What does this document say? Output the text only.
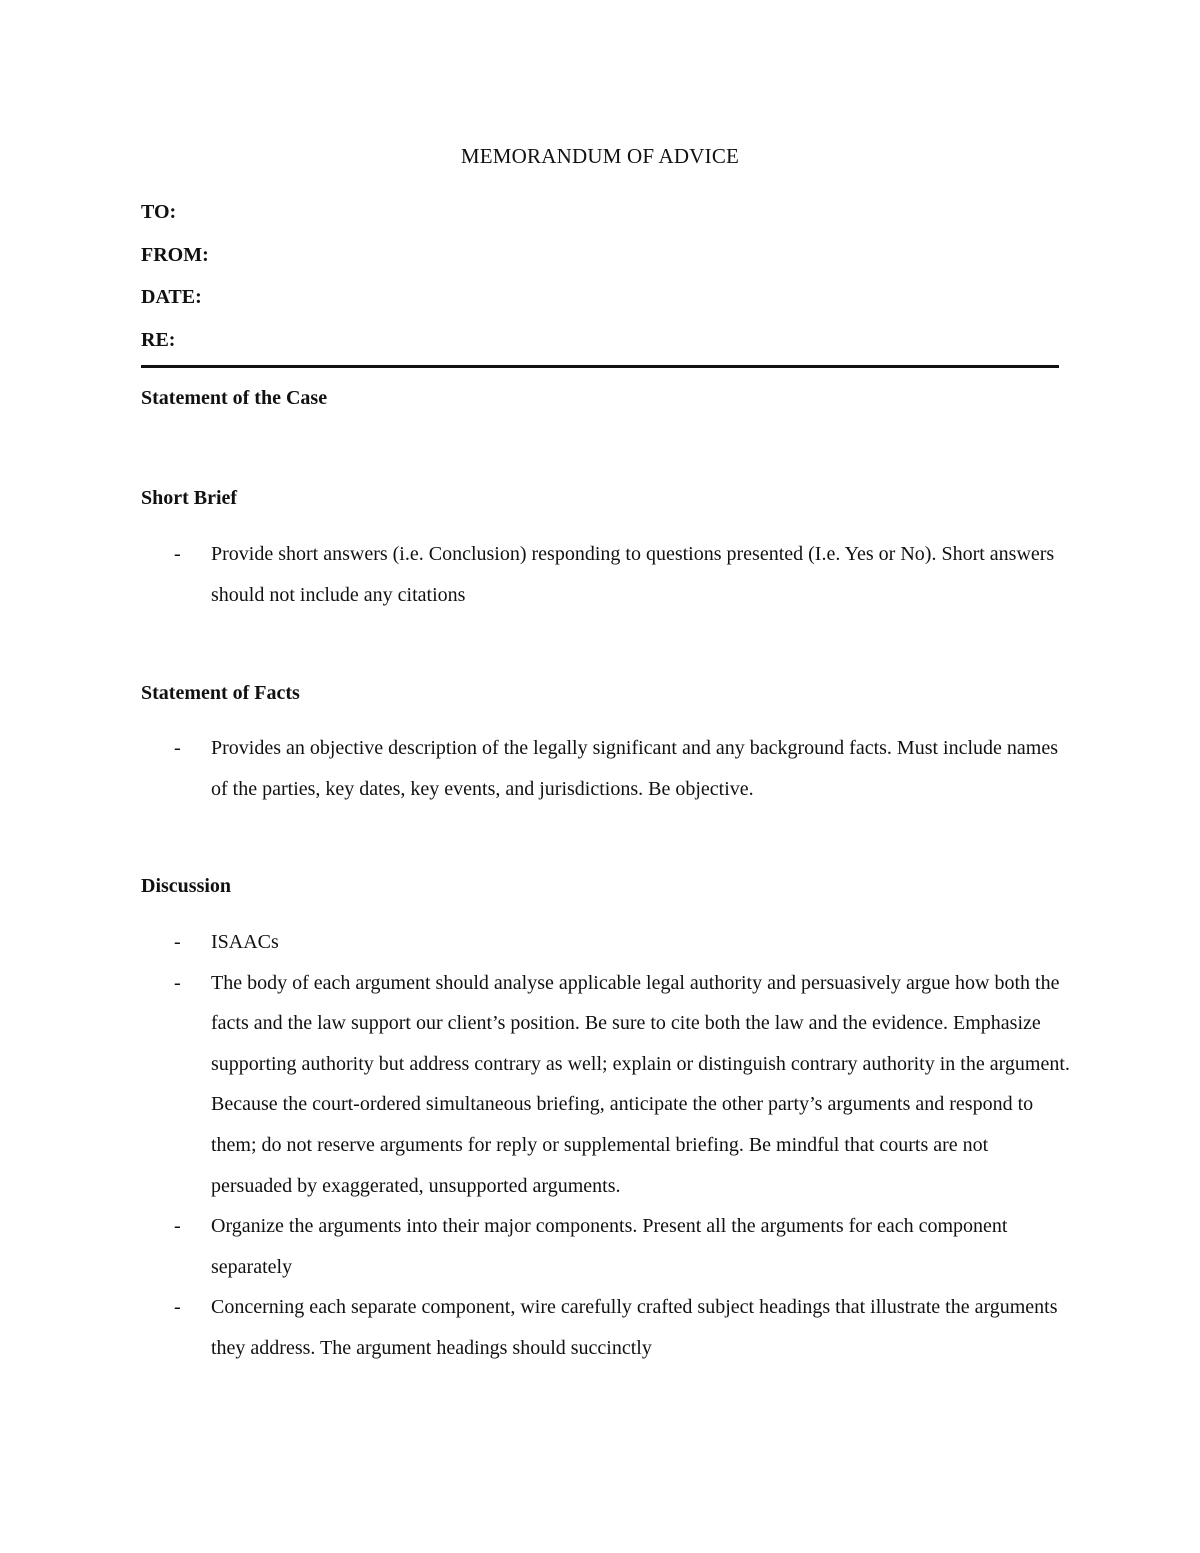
MEMORANDUM OF ADVICE
TO:
FROM:
DATE:
RE:
Statement of the Case
Short Brief
- Provide short answers (i.e. Conclusion) responding to questions presented (I.e. Yes or No). Short answers should not include any citations
Statement of Facts
- Provides an objective description of the legally significant and any background facts. Must include names of the parties, key dates, key events, and jurisdictions. Be objective.
Discussion
- ISAACs
- The body of each argument should analyse applicable legal authority and persuasively argue how both the facts and the law support our client’s position. Be sure to cite both the law and the evidence. Emphasize supporting authority but address contrary as well; explain or distinguish contrary authority in the argument. Because the court-ordered simultaneous briefing, anticipate the other party’s arguments and respond to them; do not reserve arguments for reply or supplemental briefing. Be mindful that courts are not persuaded by exaggerated, unsupported arguments.
- Organize the arguments into their major components. Present all the arguments for each component separately
- Concerning each separate component, wire carefully crafted subject headings that illustrate the arguments they address. The argument headings should succinctly
